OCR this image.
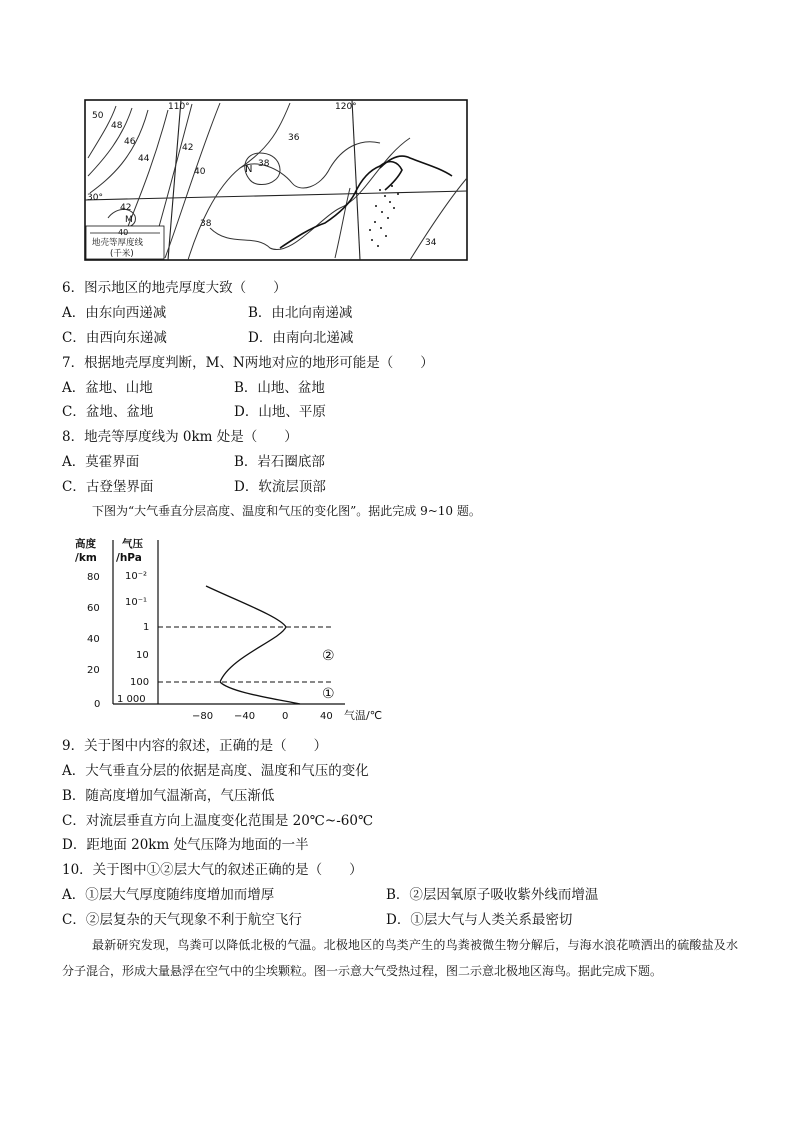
110°	120°
30°
50
48
46
44
42
40
38
36
34
N 38
42
M
40
地壳等厚度线
(千米)
6．图示地区的地壳厚度大致（　　）
A．由东向西递减	B．由北向南递减
C．由西向东递减	D．由南向北递减
7．根据地壳厚度判断，M、N两地对应的地形可能是（　　）
A．盆地、山地	B．山地、盆地
C．盆地、盆地	D．山地、平原
8．地壳等厚度线为 0km 处是（　　）
A．莫霍界面	B．岩石圈底部
C．古登堡界面	D．软流层顶部
下图为“大气垂直分层高度、温度和气压的变化图”。据此完成 9~10 题。
高度
/km
气压
/hPa
80
60
40
20
0
10⁻²
10⁻¹
1
10
100
1 000
−80 −40	0	40 气温/℃
②
①
9．关于图中内容的叙述，正确的是（　　）
A．大气垂直分层的依据是高度、温度和气压的变化
B．随高度增加气温渐高，气压渐低
C．对流层垂直方向上温度变化范围是 20℃~-60℃
D．距地面 20km 处气压降为地面的一半
10．关于图中①②层大气的叙述正确的是（　　）
A．①层大气厚度随纬度增加而增厚	B．②层因氧原子吸收紫外线而增温
C．②层复杂的天气现象不利于航空飞行	D．①层大气与人类关系最密切
最新研究发现，鸟粪可以降低北极的气温。北极地区的鸟类产生的鸟粪被微生物分解后，与海水浪花喷洒出的硫酸盐及水分子混合，形成大量悬浮在空气中的尘埃颗粒。图一示意大气受热过程，图二示意北极地区海鸟。据此完成下题。
